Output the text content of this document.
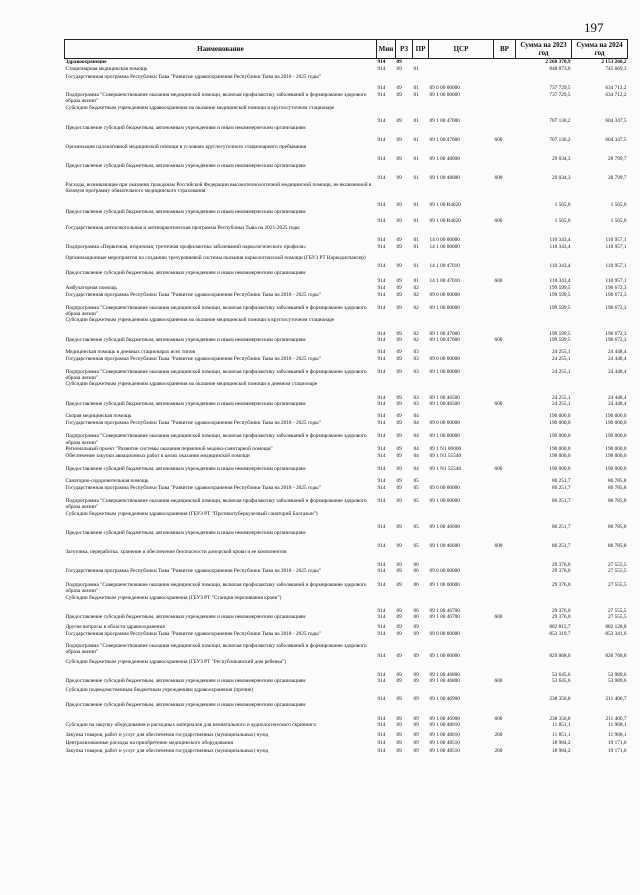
197
Наименование	Мин	РЗ	ПР	ЦСР	ВР	Сумма на 2023 год	Сумма на 2024 год
Здравоохранение	914	09				2 260 370,9	2 153 260,2
Стационарная медицинская помощь	914	09	01			848 073,0	745 669,3
Государственная программа Республики Тыва "Развитие здравоохранения Республики Тыва на 2018 - 2025 годы"	914	09	01	09 0 00 00000		737 729,5	634 712,2
Подпрограмма "Совершенствование оказания медицинской помощи, включая профилактику заболеваний и формирование здорового образа жизни"	914	09	01	09 1 00 00000		737 729,5	634 712,2
Субсидии бюджетным учреждениям здравоохранения на оказание медицинской помощи в круглосуточном стационаре	914	09	01	09 1 00 47000		707 130,2	604 347,5
Предоставление субсидий бюджетным, автономным учреждениям и иным некоммерческим организациям	914	09	01	09 1 00 47000	600	707 130,2	604 347,5
Организация паллиативной медицинской помощи в условиях круглосуточного стационарного пребывания	914	09	01	09 1 00 48000		29 034,3	28 799,7
Предоставление субсидий бюджетным, автономным учреждениям и иным некоммерческим организациям	914	09	01	09 1 00 48000	600	29 034,3	28 799,7
Расходы, возникающие при оказании гражданам Российской Федерации высокотехнологичной медицинской помощи, не включенной в базовую программу обязательного медицинского страхования	914	09	01	09 1 00 R4020		1 565,0	1 565,0
Предоставление субсидий бюджетным, автономным учреждениям и иным некоммерческим организациям	914	09	01	09 1 00 R4020	600	1 565,0	1 565,0
Государственная антиалкогольная и антинаркотическая программа Республики Тыва на 2021-2025 годы	914	09	01	14 0 00 00000		110 343,4	110 957,1
Подпрограмма «Первичная, вторичная, третичная профилактика заболеваний наркологического профиля»	914	09	01	14 1 00 00000		110 343,4	110 957,1
Организационные мероприятия по созданию трехуровневой системы оказания наркологической помощи (ГБУЗ РТ Наркодиспансер)	914	09	01	14 1 00 47010		110 343,4	110 957,1
Предоставление субсидий бюджетным, автономным учреждениям и иным некоммерческим организациям	914	09	01	14 1 00 47010	600	110 343,4	110 957,1
Амбулаторная помощь	914	09	02			199 599,5	196 672,3
Государственная программа Республики Тыва "Развитие здравоохранения Республики Тыва на 2018 - 2025 годы"	914	09	02	09 0 00 00000		199 599,5	196 672,3
Подпрограмма "Совершенствование оказания медицинской помощи, включая профилактику заболеваний и формирование здорового образа жизни"	914	09	02	09 1 00 00000		199 599,5	196 672,3
Субсидии бюджетным учреждениям здравоохранения на оказание медицинской помощи в круглосуточном стационаре	914	09	02	09 1 00 47000		199 599,5	196 672,3
Предоставление субсидий бюджетным, автономным учреждениям и иным некоммерческим организациям	914	09	02	09 1 00 47000	600	199 599,5	196 672,3
Медицинская помощь в дневных стационарах всех типов	914	09	03			24 255,1	24 448,4
Государственная программа Республики Тыва "Развитие здравоохранения Республики Тыва на 2018 - 2025 годы"	914	09	03	09 0 00 00000		24 255,1	24 448,4
Подпрограмма "Совершенствование оказания медицинской помощи, включая профилактику заболеваний и формирование здорового образа жизни"	914	09	03	09 1 00 00000		24 255,1	24 448,4
Субсидии бюджетным учреждениям здравоохранения на оказание медицинской помощи в дневном стационаре	914	09	03	09 1 00 46500		24 255,1	24 448,4
Предоставление субсидий бюджетным, автономным учреждениям и иным некоммерческим организациям	914	09	03	09 1 00 46500	600	24 255,1	24 448,4
Скорая медицинская помощь	914	09	04			190 000,0	190 000,0
Государственная программа Республики Тыва "Развитие здравоохранения Республики Тыва на 2018 - 2025 годы"	914	09	04	09 0 00 00000		190 000,0	190 000,0
Подпрограмма "Совершенствование оказания медицинской помощи, включая профилактику заболеваний и формирование здорового образа жизни"	914	09	04	09 1 00 00000		190 000,0	190 000,0
Региональный проект "Развитие системы оказания первичной медико-санитарной помощи"	914	09	04	09 1 N1 00000		190 000,0	190 000,0
Обеспечение закупки авиационных работ в целях оказания медицинской помощи	914	09	04	09 1 N1 55540		190 000,0	190 000,0
Предоставление субсидий бюджетным, автономным учреждениям и иным некоммерческим организациям	914	09	04	09 1 N1 55540	600	190 000,0	190 000,0
Санаторно-оздоровительная помощь	914	09	05			86 251,7	86 785,8
Государственная программа Республики Тыва "Развитие здравоохранения Республики Тыва на 2018 - 2025 годы"	914	09	05	09 0 00 00000		86 251,7	86 785,8
Подпрограмма "Совершенствование оказания медицинской помощи, включая профилактику заболеваний и формирование здорового образа жизни"	914	09	05	09 1 00 00000		86 251,7	86 785,8
Субсидии бюджетным учреждениям здравоохранения (ГБУЗ РТ "Противотуберкулезный санаторий Балгазын")	914	09	05	09 1 00 46600		86 251,7	86 785,8
Предоставление субсидий бюджетным, автономным учреждениям и иным некоммерческим организациям	914	09	05	09 1 00 46600	600	86 251,7	86 785,8
Заготовка, переработка, хранение и обеспечение безопасности донорской крови и ее компонентов	914	09	06			29 376,0	27 555,5
Государственная программа Республики Тыва "Развитие здравоохранения Республики Тыва на 2018 - 2025 годы"	914	09	06	09 0 00 00000		29 376,0	27 555,5
Подпрограмма "Совершенствование оказания медицинской помощи, включая профилактику заболеваний и формирование здорового образа жизни"	914	09	06	09 1 00 00000		29 376,0	27 555,5
Субсидии бюджетным учреждениям здравоохранения (ГБУЗ РТ "Станция переливания крови")	914	09	06	09 1 00 46700		29 376,0	27 555,5
Предоставление субсидий бюджетным, автономным учреждениям и иным некоммерческим организациям	914	09	06	09 1 00 46700	600	29 376,0	27 555,5
Другие вопросы в области здравоохранения	914	09	09			882 815,7	882 128,8
Государственная программа Республики Тыва "Развитие здравоохранения Республики Тыва на 2018 - 2025 годы"	914	09	09	09 0 00 00000		853 319,7	853 341,6
Подпрограмма "Совершенствование оказания медицинской помощи, включая профилактику заболеваний и формирование здорового образа жизни"	914	09	09	09 1 00 00000		829 068,0	826 768,8
Субсидии бюджетным учреждениям здравоохранения (ГБУЗ РТ "Республиканский дом ребенка")	914	09	09	09 1 00 46800		53 645,6	53 989,6
Предоставление субсидий бюджетным, автономным учреждениям и иным некоммерческим организациям	914	09	09	09 1 00 46800	600	53 645,6	53 989,6
Субсидии подведомственным бюджетным учреждениям здравоохранения (прочие)	914	09	09	09 1 00 46900		238 356,8	211 406,7
Предоставление субсидий бюджетным, автономным учреждениям и иным некоммерческим организациям	914	09	09	09 1 00 46900	600	238 356,8	211 406,7
Субсидии на закупку оборудования и расходных материалов для неонатального и аудиологического скрининга	914	09	09	09 1 00 48010		11 851,1	11 968,1
Закупка товаров, работ и услуг для обеспечения государственных (муниципальных) нужд	914	09	09	09 1 00 48010	200	11 851,1	11 968,1
Централизованные расходы на приобретение медицинского оборудования	914	09	09	09 1 00 48510		18 984,2	19 171,6
Закупка товаров, работ и услуг для обеспечения государственных (муниципальных) нужд	914	09	09	09 1 00 48510	200	18 984,2	19 171,6
